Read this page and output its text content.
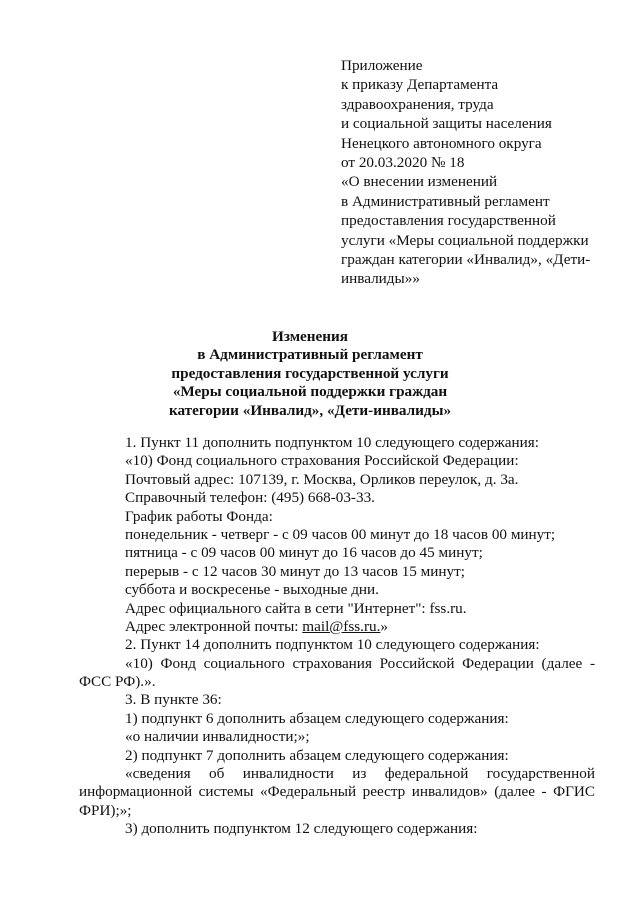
Приложение
к приказу Департамента
здравоохранения, труда
и социальной защиты населения
Ненецкого автономного округа
от 20.03.2020 № 18
«О внесении изменений
в Административный регламент
предоставления государственной
услуги «Меры социальной поддержки
граждан категории «Инвалид», «Дети-
инвалиды»»
Изменения
в Административный регламент
предоставления государственной услуги
«Меры социальной поддержки граждан
категории «Инвалид», «Дети-инвалиды»
1. Пункт 11 дополнить подпунктом 10 следующего содержания:
«10) Фонд социального страхования Российской Федерации:
Почтовый адрес: 107139, г. Москва, Орликов переулок, д. 3а.
Справочный телефон: (495) 668-03-33.
График работы Фонда:
понедельник - четверг - с 09 часов 00 минут до 18 часов 00 минут;
пятница - с 09 часов 00 минут до 16 часов до 45 минут;
перерыв - с 12 часов 30 минут до 13 часов 15 минут;
суббота и воскресенье - выходные дни.
Адрес официального сайта в сети "Интернет": fss.ru.
Адрес электронной почты: mail@fss.ru.»
2. Пункт 14 дополнить подпунктом 10 следующего содержания:
«10) Фонд социального страхования Российской Федерации (далее -
ФСС РФ).».
3. В пункте 36:
1) подпункт 6 дополнить абзацем следующего содержания:
«о наличии инвалидности;»;
2) подпункт 7 дополнить абзацем следующего содержания:
«сведения об инвалидности из федеральной государственной
информационной системы «Федеральный реестр инвалидов» (далее - ФГИС
ФРИ);»;
3) дополнить подпунктом 12 следующего содержания:
